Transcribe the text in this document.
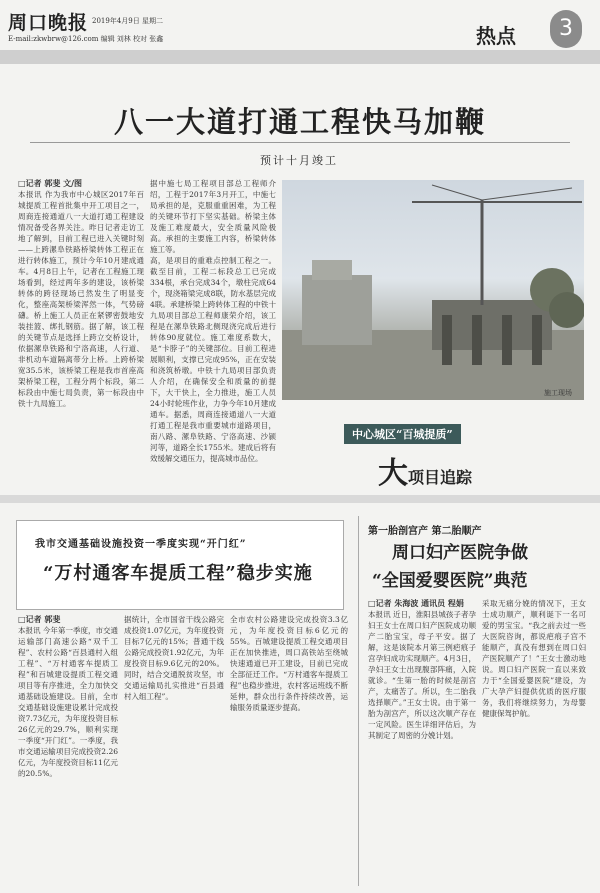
周口晚报 2019年4月9日 星期二
E-mail:zkwbrw@126.com 编辑 刘林 校对 张鑫	热点	3
八一大道打通工程快马加鞭
预计十月竣工
□记者 郭斐 文/图
本报讯 作为我市中心城区2017年百城提质工程首批集中开工项目之一，周商连接通道八一大道打通工程建设情况备受各界关注。昨日记者走访工地了解到，目前工程已进入关键时刻——上跨漯阜铁路桥梁转体工程正在进行转体施工，预计今年10月建成通车。4月8日上午，记者在工程施工现场看到，经过两年多的建设，该桥梁转体的跨径现场已然发生了明显变化，整座高架桥梁浑然一体，气势磅礴。桥上施工人员正在紧锣密鼓地安装挂篮、绑扎钢筋。据了解，该工程的关键节点是选择上跨立交桥设计，依据漯阜铁路和宁洛高速，人行道、非机动车道隔离带分上桥。上跨桥梁宽35.5米，该桥梁工程是我市首座高架桥梁工程，工程分两个标段，第二标段由中施七局负责，第一标段由中铁十九局施工。
据中施七局工程项目部总工程师介绍，工程于2017年3月开工，中施七局承担的是，克服重重困难，为工程的关键环节打下坚实基础。桥梁主体及施工难度最大，安全质量风险极高。承担的主要施工内容，桥梁转体施工等。
高，是项目的重难点控制工程之一。截至目前，工程二标段总工已完成334根，承台完成34个，墩柱完成64个，现浇箱梁完成8联，防水基层完成4联。承建桥梁上跨转体工程的中铁十九局项目部总工程师康荣介绍，该工程是在漯阜铁路北侧现浇完成后进行转体90度就位。施工难度系数大，是“卡脖子”的关键部位。目前工程进展顺利，支撑已完成95%，正在安装和浇筑桥墩。中铁十九局项目部负责人介绍，在确保安全和质量的前提下，大干快上，全力推进，施工人员24小时轮班作业，力争今年10月建成通车。据悉，周商连接通道八一大道打通工程是我市重要城市道路项目，南八路、漯阜铁路、宁洛高速、沙颍河等，道路全长1755米。建成后将有效缓解交通压力，提高城市品位。
施工现场
中心城区“百城提质”
大项目追踪
我市交通基础设施投资一季度实现“开门红”
“万村通客车提质工程”稳步实施
□记者 郭斐
本报讯 今年第一季度，市交通运输部门高速公路“双千工程”、农村公路“百县通村入组工程”、“万村通客车提质工程”和百城建设提质工程交通项目等有序推进，全力加快交通基础设施建设。目前，全市交通基础设施建设累计完成投资7.73亿元，为年度投资目标26亿元的29.7%，顺利实现一季度“开门红”。一季度，我市交通运输项目完成投资2.26亿元，为年度投资目标11亿元的20.5%。
据统计，全市国省干线公路完成投资1.07亿元，为年度投资目标7亿元的15%；普通干线公路完成投资1.92亿元，为年度投资目标9.6亿元的20%。同时，结合交通脱贫攻坚，市交通运输局扎实推进“百县通村入组工程”。
全市农村公路建设完成投资3.3亿元，为年度投资目标6亿元的55%。百城建设提质工程交通项目正在加快推进，周口高铁站至绕城快速通道已开工建设，目前已完成全部征迁工作。“万村通客车提质工程”也稳步推进，农村客运班线不断延伸，群众出行条件持续改善，运输服务质量逐步提高。
第一胎剖宫产 第二胎顺产
周口妇产医院争做
“全国爱婴医院”典范
□记者 朱海波 通讯员 程娟
本报讯 近日，淮阳县城孩子者孕妇王女士在周口妇产医院成功顺产二胎宝宝，母子平安。据了解，这是该院本月第三例疤痕子宫孕妇成功实现顺产。4月3日，孕妇王女士出现腹部阵痛，入院就诊。“生第一胎的时候是剖宫产，太痛苦了。所以，生二胎我选择顺产。”王女士说。由于第一胎为剖宫产，所以这次顺产存在一定风险。医生详细评估后，为其制定了周密的分娩计划。
采取无痛分娩的情况下，王女士成功顺产，顺利诞下一名可爱的男宝宝。“我之前去过一些大医院咨询，都说疤痕子宫不能顺产，真没有想到在周口妇产医院顺产了！”王女士激动地说。周口妇产医院一直以来致力于“全国爱婴医院”建设，为广大孕产妇提供优质的医疗服务，我们将继续努力，为母婴健康保驾护航。
